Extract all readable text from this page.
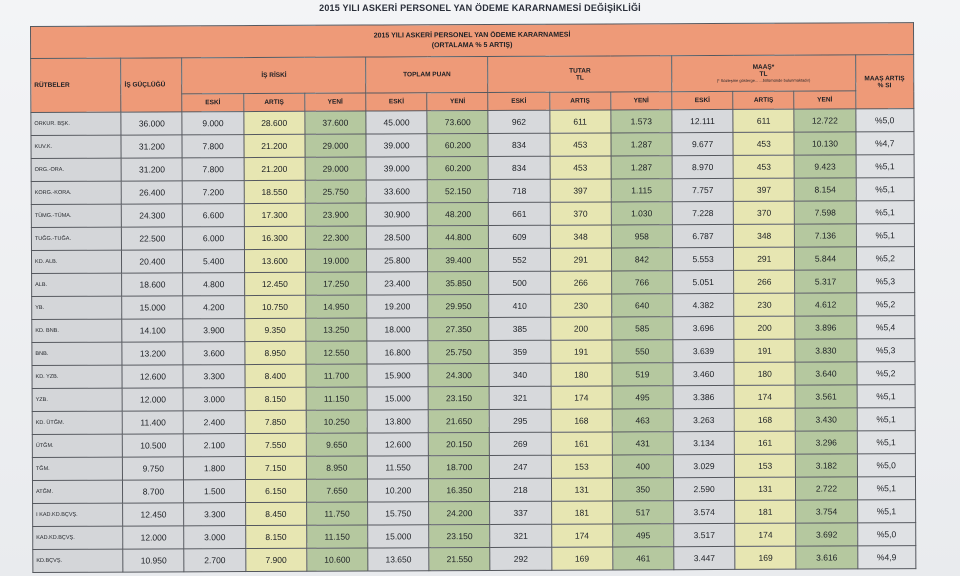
2015 YILI ASKERİ PERSONEL YAN ÖDEME KARARNAMESİ DEĞİŞİKLİĞİ
2015 YILI ASKERİ PERSONEL YAN ÖDEME KARARNAMESİ
(ORTALAMA % 5 ARTIŞ)													
RÜTBELER	İŞ GÜÇLÜĞÜ	İŞ RİSKİ			TOPLAM PUAN		TUTAR
TL			MAAŞ*
TL
(* Sözleşme gösterge... ...bölümünde bulunmaktadır)			MAAŞ ARTIŞ
% SI
		ESKİ	ARTIŞ	YENİ	ESKİ	YENİ	ESKİ	ARTIŞ	YENİ	ESKİ	ARTIŞ	YENİ	
ORKUR. BŞK.	36.000	9.000	28.600	37.600	45.000	73.600	962	611	1.573	12.111	611	12.722	%5,0
KUV.K.	31.200	7.800	21.200	29.000	39.000	60.200	834	453	1.287	9.677	453	10.130	%4,7
ORG.-ORA.	31.200	7.800	21.200	29.000	39.000	60.200	834	453	1.287	8.970	453	9.423	%5,1
KORG.-KORA.	26.400	7.200	18.550	25.750	33.600	52.150	718	397	1.115	7.757	397	8.154	%5,1
TÜMG.-TÜMA.	24.300	6.600	17.300	23.900	30.900	48.200	661	370	1.030	7.228	370	7.598	%5,1
TUĞG.-TUĞA.	22.500	6.000	16.300	22.300	28.500	44.800	609	348	958	6.787	348	7.136	%5,1
KD. ALB.	20.400	5.400	13.600	19.000	25.800	39.400	552	291	842	5.553	291	5.844	%5,2
ALB.	18.600	4.800	12.450	17.250	23.400	35.850	500	266	766	5.051	266	5.317	%5,3
YB.	15.000	4.200	10.750	14.950	19.200	29.950	410	230	640	4.382	230	4.612	%5,2
KD. BNB.	14.100	3.900	9.350	13.250	18.000	27.350	385	200	585	3.696	200	3.896	%5,4
BNB.	13.200	3.600	8.950	12.550	16.800	25.750	359	191	550	3.639	191	3.830	%5,3
KD. YZB.	12.600	3.300	8.400	11.700	15.900	24.300	340	180	519	3.460	180	3.640	%5,2
YZB.	12.000	3.000	8.150	11.150	15.000	23.150	321	174	495	3.386	174	3.561	%5,1
KD. ÜTĞM.	11.400	2.400	7.850	10.250	13.800	21.650	295	168	463	3.263	168	3.430	%5,1
ÜTĞM.	10.500	2.100	7.550	9.650	12.600	20.150	269	161	431	3.134	161	3.296	%5,1
TĞM.	9.750	1.800	7.150	8.950	11.550	18.700	247	153	400	3.029	153	3.182	%5,0
ATĞM.	8.700	1.500	6.150	7.650	10.200	16.350	218	131	350	2.590	131	2.722	%5,1
I KAD.KD.BÇVŞ.	12.450	3.300	8.450	11.750	15.750	24.200	337	181	517	3.574	181	3.754	%5,1
KAD.KD.BÇVŞ.	12.000	3.000	8.150	11.150	15.000	23.150	321	174	495	3.517	174	3.692	%5,0
KD.BÇVŞ.	10.950	2.700	7.900	10.600	13.650	21.550	292	169	461	3.447	169	3.616	%4,9
